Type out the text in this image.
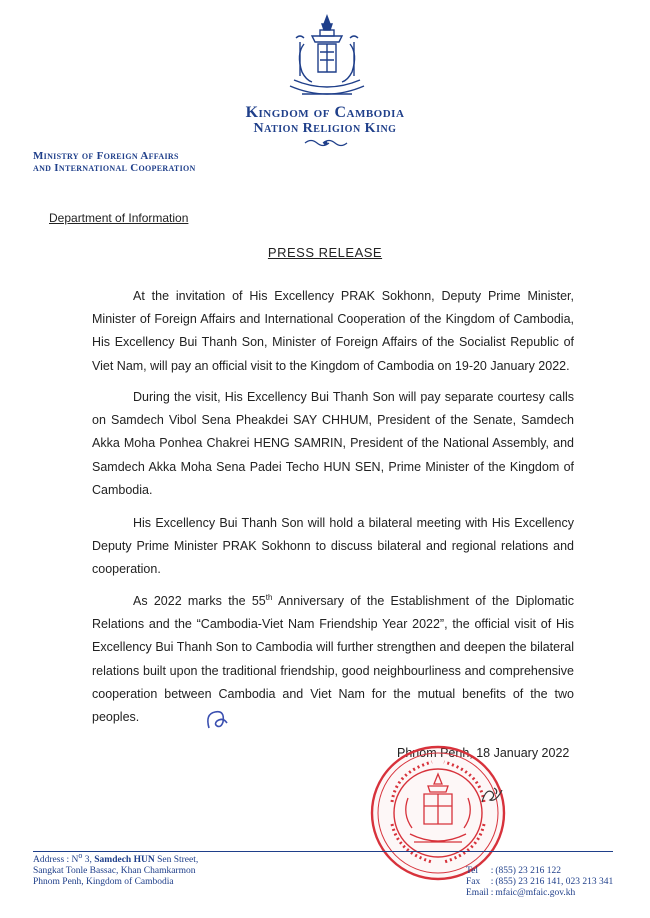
Kingdom of Cambodia
Nation Religion King
Ministry of Foreign Affairs
and International Cooperation
Department of Information
PRESS RELEASE

At the invitation of His Excellency PRAK Sokhonn, Deputy Prime Minister, Minister of Foreign Affairs and International Cooperation of the Kingdom of Cambodia, His Excellency Bui Thanh Son, Minister of Foreign Affairs of the Socialist Republic of Viet Nam, will pay an official visit to the Kingdom of Cambodia on 19-20 January 2022.

During the visit, His Excellency Bui Thanh Son will pay separate courtesy calls on Samdech Vibol Sena Pheakdei SAY CHHUM, President of the Senate, Samdech Akka Moha Ponhea Chakrei HENG SAMRIN, President of the National Assembly, and Samdech Akka Moha Sena Padei Techo HUN SEN, Prime Minister of the Kingdom of Cambodia.

His Excellency Bui Thanh Son will hold a bilateral meeting with His Excellency Deputy Prime Minister PRAK Sokhonn to discuss bilateral and regional relations and cooperation.

As 2022 marks the 55th Anniversary of the Establishment of the Diplomatic Relations and the “Cambodia-Viet Nam Friendship Year 2022”, the official visit of His Excellency Bui Thanh Son to Cambodia will further strengthen and deepen the bilateral relations built upon the traditional friendship, good neighbourliness and comprehensive cooperation between Cambodia and Viet Nam for the mutual benefits of the two peoples.

Phnom Penh, 18 January 2022
Address : $N^o$ 3, Samdech HUN Sen Street,
Sangkat Tonle Bassac, Khan Chamkarmon
Phnom Penh, Kingdom of Cambodia
Tel	:	(855) 23 216 122
Fax	:	(855) 23 216 141, 023 213 341
Email	:	mfaic@mfaic.gov.kh
